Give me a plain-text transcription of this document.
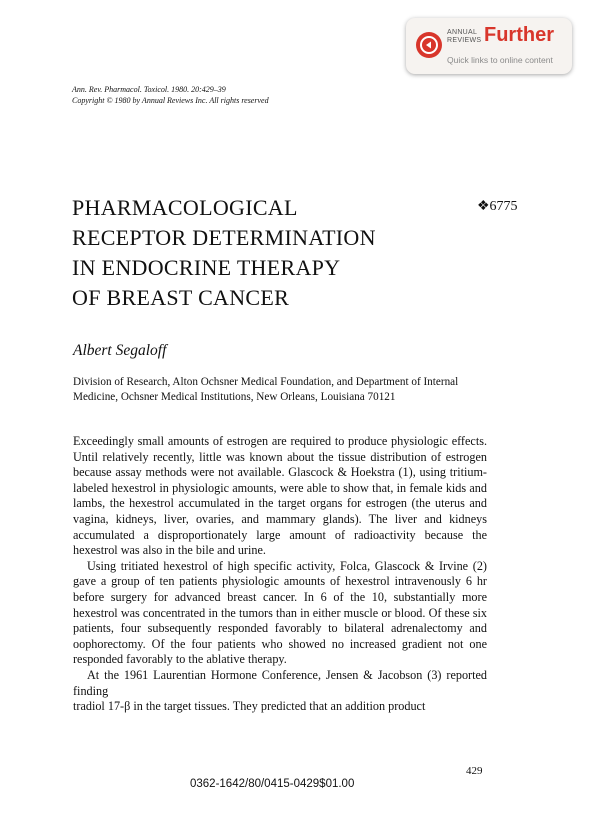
ANNUAL
REVIEWS Further
Quick links to online content
Ann. Rev. Pharmacol. Toxicol. 1980. 20:429–39
Copyright © 1980 by Annual Reviews Inc. All rights reserved
PHARMACOLOGICAL
RECEPTOR DETERMINATION
IN ENDOCRINE THERAPY
OF BREAST CANCER
❖6775
Albert Segaloff
Division of Research, Alton Ochsner Medical Foundation, and Department of Internal Medicine, Ochsner Medical Institutions, New Orleans, Louisiana 70121

Exceedingly small amounts of estrogen are required to produce physiologic effects. Until relatively recently, little was known about the tissue distribution of estrogen because assay methods were not available. Glascock & Hoekstra (1), using tritium-labeled hexestrol in physiologic amounts, were able to show that, in female kids and lambs, the hexestrol accumulated in the target organs for estrogen (the uterus and vagina, kidneys, liver, ovaries, and mammary glands). The liver and kidneys accumulated a disproportionately large amount of radioactivity because the hexestrol was also in the bile and urine.

Using tritiated hexestrol of high specific activity, Folca, Glascock & Irvine (2) gave a group of ten patients physiologic amounts of hexestrol intravenously 6 hr before surgery for advanced breast cancer. In 6 of the 10, substantially more hexestrol was concentrated in the tumors than in either muscle or blood. Of these six patients, four subsequently responded favorably to bilateral adrenalectomy and oophorectomy. Of the four patients who showed no increased gradient not one responded favorably to the ablative therapy.

At the 1961 Laurentian Hormone Conference, Jensen & Jacobson (3) reported finding

tradiol 17-β in the target tissues. They predicted that an addition product

429
0362-1642/80/0415-0429$01.00
